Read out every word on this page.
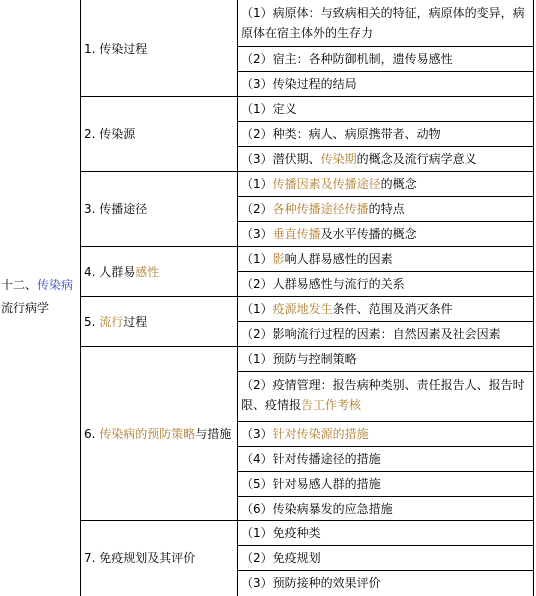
十二、传染病
流行病学
1. 传染过程
2. 传染源
3. 传播途径
4. 人群易感性
5. 流行过程
6. 传染病的预防策略与措施
7. 免疫规划及其评价
（1）病原体：与致病相关的特征，病原体的变异，病原体在宿主体外的生存力
（2）宿主：各种防御机制，遗传易感性
（3）传染过程的结局
（1）定义
（2）种类：病人、病原携带者、动物
（3）潜伏期、传染期的概念及流行病学意义
（1）传播因素及传播途径的概念
（2）各种传播途径传播的特点
（3）垂直传播及水平传播的概念
（1）影响人群易感性的因素
（2）人群易感性与流行的关系
（1）疫源地发生条件、范围及消灭条件
（2）影响流行过程的因素：自然因素及社会因素
（1）预防与控制策略
（2）疫情管理：报告病种类别、责任报告人、报告时限、疫情报告工作考核
（3）针对传染源的措施
（4）针对传播途径的措施
（5）针对易感人群的措施
（6）传染病暴发的应急措施
（1）免疫种类
（2）免疫规划
（3）预防接种的效果评价
